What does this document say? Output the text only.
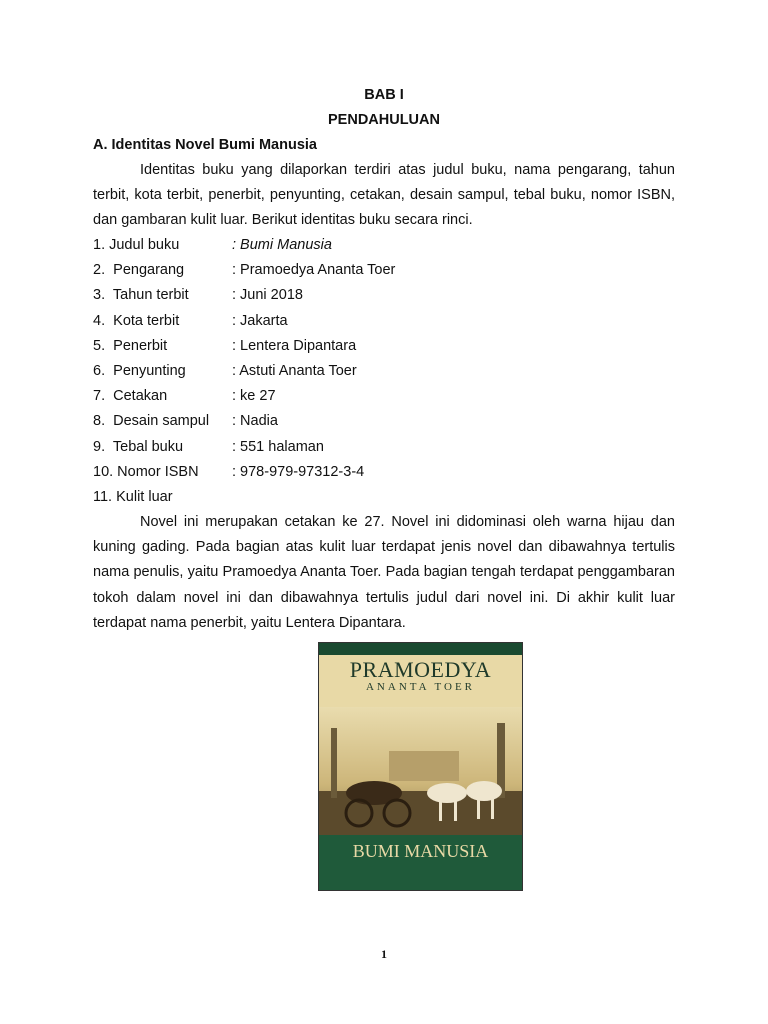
BAB I
PENDAHULUAN
A. Identitas Novel Bumi Manusia
Identitas buku yang dilaporkan terdiri atas judul buku, nama pengarang, tahun terbit, kota terbit, penerbit, penyunting, cetakan, desain sampul, tebal buku, nomor ISBN, dan gambaran kulit luar. Berikut identitas buku secara rinci.
1. Judul buku	: Bumi Manusia
2.  Pengarang	: Pramoedya Ananta Toer
3.  Tahun terbit	: Juni 2018
4.  Kota terbit	: Jakarta
5.  Penerbit	: Lentera Dipantara
6.  Penyunting	: Astuti Ananta Toer
7.  Cetakan	: ke 27
8.  Desain sampul	: Nadia
9.  Tebal buku	: 551 halaman
10. Nomor ISBN	: 978-979-97312-3-4
11. Kulit luar
Novel ini merupakan cetakan ke 27. Novel ini didominasi oleh warna hijau dan kuning gading. Pada bagian atas kulit luar terdapat jenis novel dan dibawahnya tertulis nama penulis, yaitu Pramoedya Ananta Toer. Pada bagian tengah terdapat penggambaran tokoh dalam novel ini dan dibawahnya tertulis judul dari novel ini. Di akhir kulit luar terdapat nama penerbit, yaitu Lentera Dipantara.
PRAMOEDYA
ANANTA TOER
BUMI MANUSIA
1
